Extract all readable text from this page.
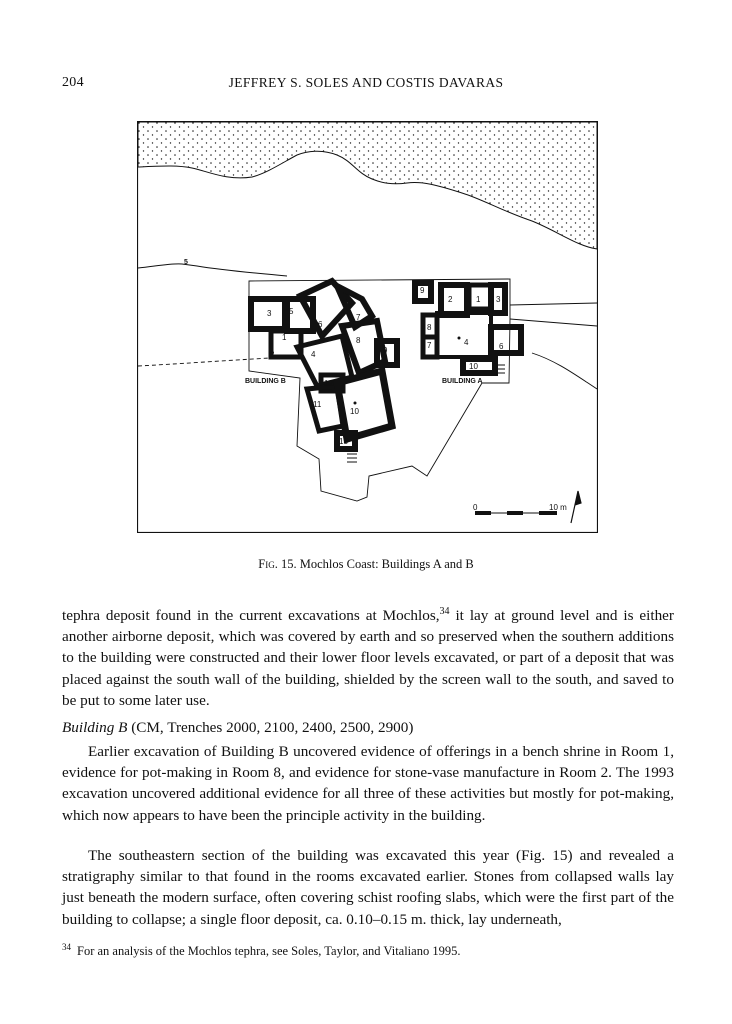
204	JEFFREY S. SOLES AND COSTIS DAVARAS
5
3 5
6
7
8
1
2	4	9
12
11
10
13
BUILDING B
9
2	1 3
8
7	4	6
10
BUILDING A
0	10 m
Fig. 15. Mochlos Coast: Buildings A and B
tephra deposit found in the current excavations at Mochlos,$^{34}$ it lay at ground level and is either another airborne deposit, which was covered by earth and so preserved when the southern additions to the building were constructed and their lower floor levels excavated, or part of a deposit that was placed against the south wall of the building, shielded by the screen wall to the south, and saved to be put to some later use.
Building B (CM, Trenches 2000, 2100, 2400, 2500, 2900)
Earlier excavation of Building B uncovered evidence of offerings in a bench shrine in Room 1, evidence for pot-making in Room 8, and evidence for stone-vase manufacture in Room 2. The 1993 excavation uncovered additional evidence for all three of these activities but mostly for pot-making, which now appears to have been the principle activity in the building.
The southeastern section of the building was excavated this year (Fig. 15) and revealed a stratigraphy similar to that found in the rooms excavated earlier. Stones from collapsed walls lay just beneath the modern surface, often covering schist roofing slabs, which were the first part of the building to collapse; a single floor deposit, ca. 0.10–0.15 m. thick, lay underneath,
$^{34}$ For an analysis of the Mochlos tephra, see Soles, Taylor, and Vitaliano 1995.
